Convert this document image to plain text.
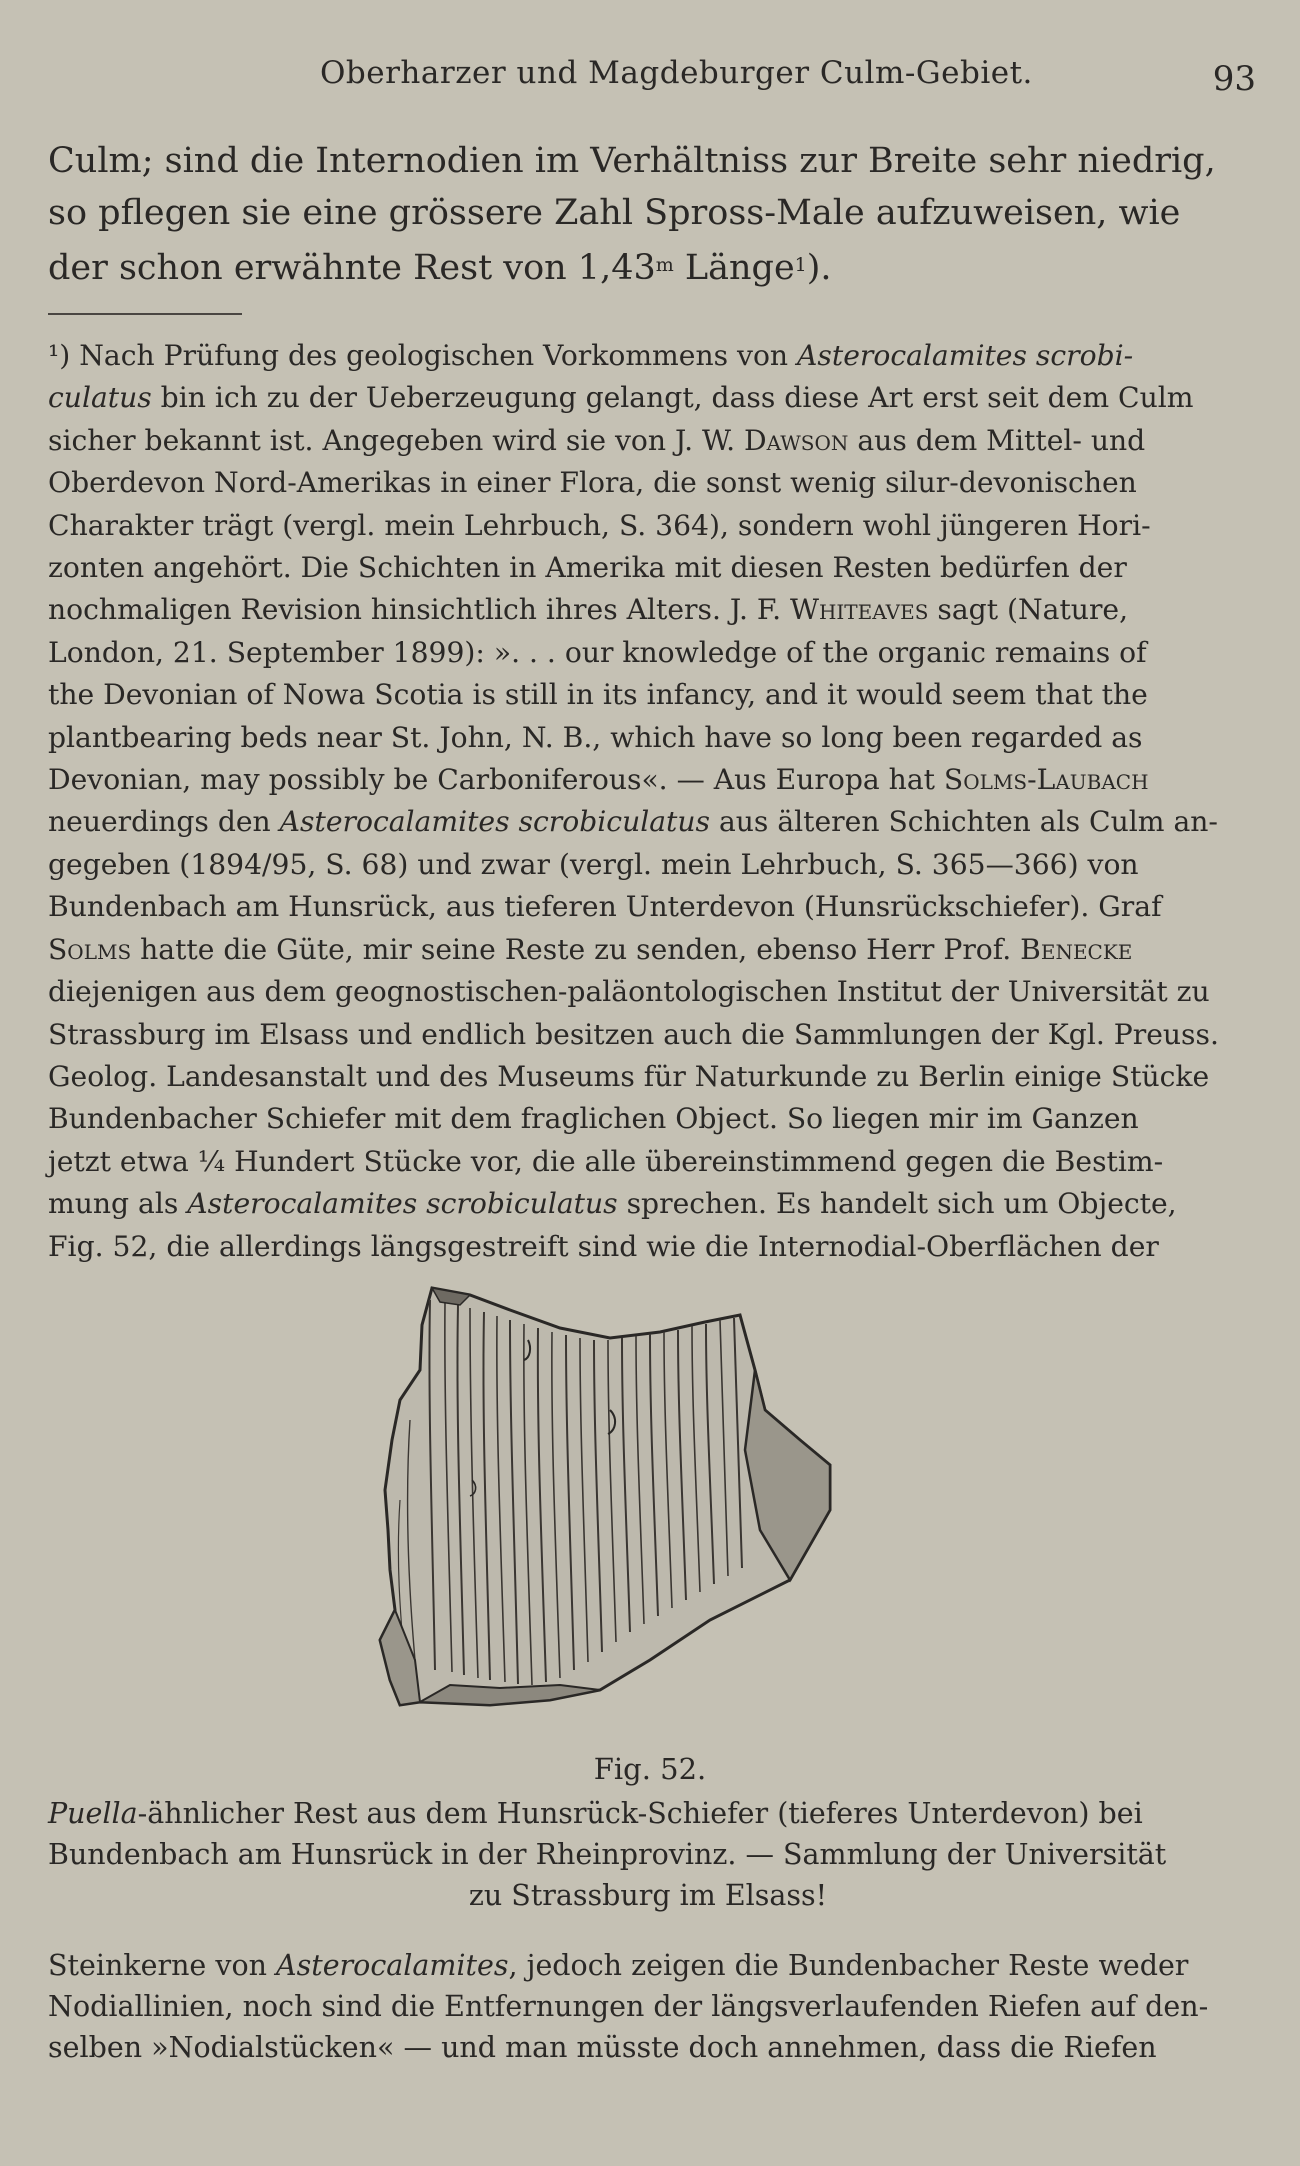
Oberharzer und Magdeburger Culm-Gebiet.	93
Culm; sind die Internodien im Verhältniss zur Breite sehr niedrig,
so pflegen sie eine grössere Zahl Spross-Male aufzuweisen, wie
der schon erwähnte Rest von 1,43$^m$ Länge$^1$).
¹) Nach Prüfung des geologischen Vorkommens von Asterocalamites scrobi-
culatus bin ich zu der Ueberzeugung gelangt, dass diese Art erst seit dem Culm
sicher bekannt ist. Angegeben wird sie von J. W. Dawson aus dem Mittel- und
Oberdevon Nord-Amerikas in einer Flora, die sonst wenig silur-devonischen
Charakter trägt (vergl. mein Lehrbuch, S. 364), sondern wohl jüngeren Hori-
zonten angehört. Die Schichten in Amerika mit diesen Resten bedürfen der
nochmaligen Revision hinsichtlich ihres Alters. J. F. Whiteaves sagt (Nature,
London, 21. September 1899): ». . . our knowledge of the organic remains of
the Devonian of Nowa Scotia is still in its infancy, and it would seem that the
plantbearing beds near St. John, N. B., which have so long been regarded as
Devonian, may possibly be Carboniferous«. — Aus Europa hat Solms-Laubach
neuerdings den Asterocalamites scrobiculatus aus älteren Schichten als Culm an-
gegeben (1894/95, S. 68) und zwar (vergl. mein Lehrbuch, S. 365—366) von
Bundenbach am Hunsrück, aus tieferen Unterdevon (Hunsrückschiefer). Graf
Solms hatte die Güte, mir seine Reste zu senden, ebenso Herr Prof. Benecke
diejenigen aus dem geognostischen-paläontologischen Institut der Universität zu
Strassburg im Elsass und endlich besitzen auch die Sammlungen der Kgl. Preuss.
Geolog. Landesanstalt und des Museums für Naturkunde zu Berlin einige Stücke
Bundenbacher Schiefer mit dem fraglichen Object. So liegen mir im Ganzen
jetzt etwa ¼ Hundert Stücke vor, die alle übereinstimmend gegen die Bestim-
mung als Asterocalamites scrobiculatus sprechen. Es handelt sich um Objecte,
Fig. 52, die allerdings längsgestreift sind wie die Internodial-Oberflächen der
Fig. 52.
Puella-ähnlicher Rest aus dem Hunsrück-Schiefer (tieferes Unterdevon) bei
Bundenbach am Hunsrück in der Rheinprovinz. — Sammlung der Universität
zu Strassburg im Elsass!
Steinkerne von Asterocalamites, jedoch zeigen die Bundenbacher Reste weder
Nodiallinien, noch sind die Entfernungen der längsverlaufenden Riefen auf den-
selben »Nodialstücken« — und man müsste doch annehmen, dass die Riefen
